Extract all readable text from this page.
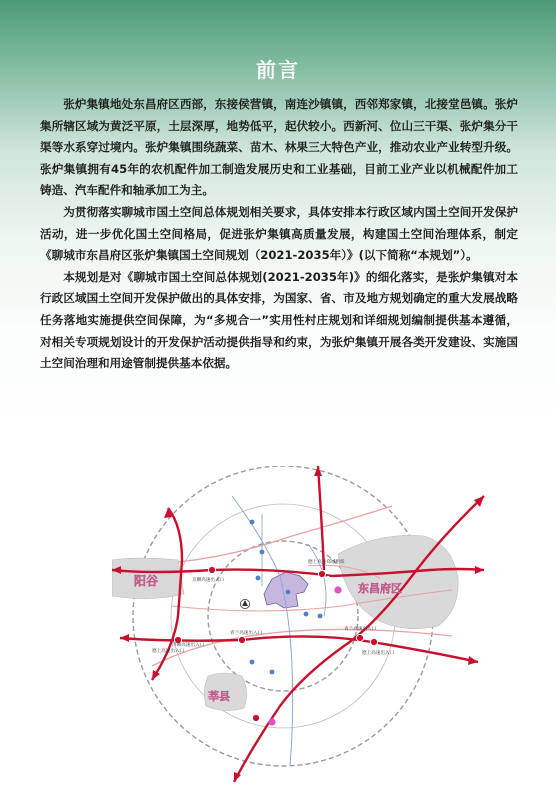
前言

张炉集镇地处东昌府区西部，东接侯营镇，南连沙镇镇，西邻郑家镇，北接堂邑镇。张炉集所辖区域为黄泛平原，土层深厚，地势低平，起伏较小。西新河、位山三干渠、张炉集分干渠等水系穿过境内。张炉集镇围绕蔬菜、苗木、林果三大特色产业，推动农业产业转型升级。张炉集镇拥有45年的农机配件加工制造发展历史和工业基础，目前工业产业以机械配件加工铸造、汽车配件和轴承加工为主。

为贯彻落实聊城市国土空间总体规划相关要求，具体安排本行政区域内国土空间开发保护活动，进一步优化国土空间格局，促进张炉集镇高质量发展，构建国土空间治理体系，制定《聊城市东昌府区张炉集镇国土空间规划（2021-2035年）》(以下简称“本规划”）。

本规划是对《聊城市国土空间总体规划(2021-2035年)》的细化落实，是张炉集镇对本行政区域国土空间开发保护做出的具体安排，为国家、省、市及地方规划确定的重大发展战略任务落地实施提供空间保障，为“多规合一”实用性村庄规划和详细规划编制提供基本遵循，对相关专项规划设计的开发保护活动提供指导和约束，为张炉集镇开展各类开发建设、实施国土空间治理和用途管制提供基本依据。

阳谷
东昌府区
莘县
京聊高速出入口
德上高速郑城枢纽
德上高速出入口
青兰高速出入口
青兰高速出入口
德上高速出入口
济聊高速出入口
